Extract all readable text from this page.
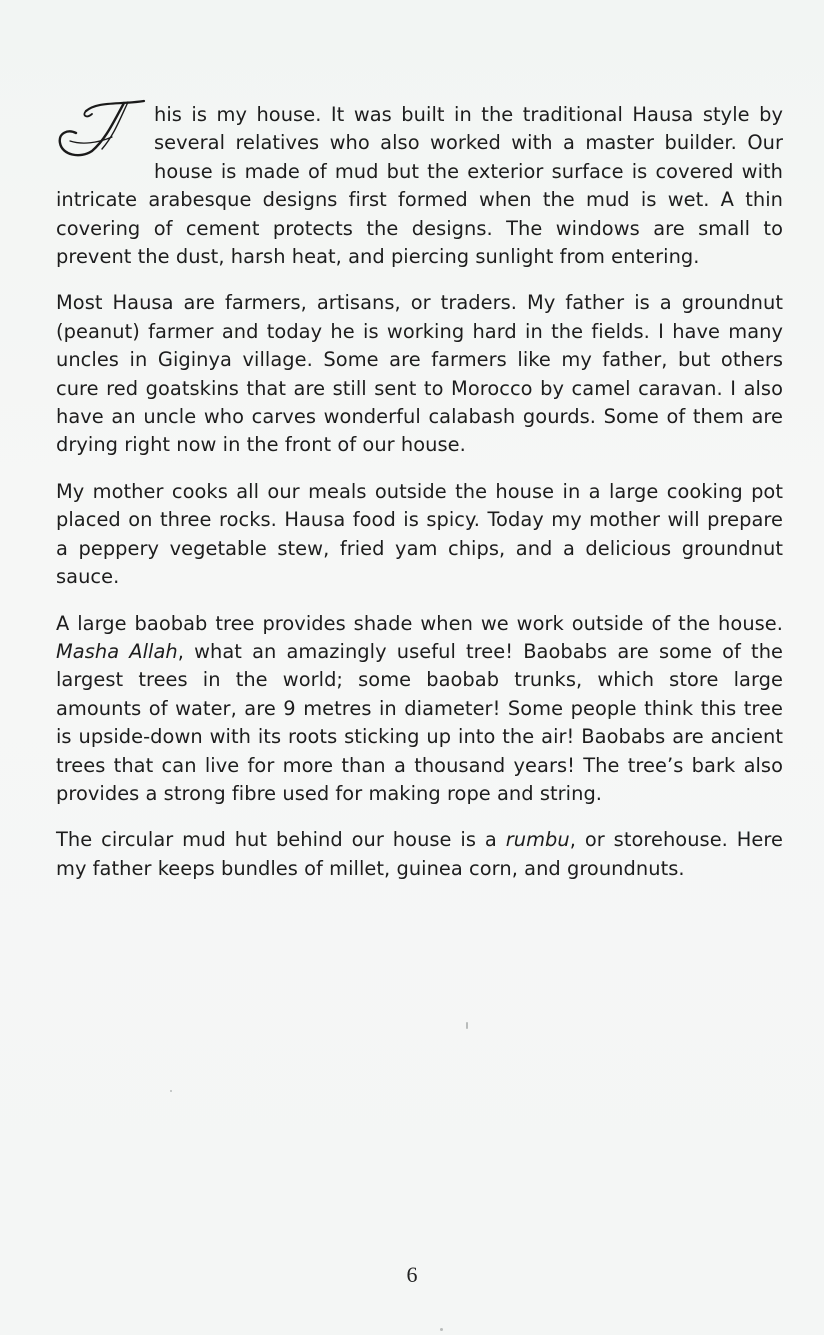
his is my house. It was built in the traditional Hausa style by several relatives who also worked with a master builder. Our house is made of mud but the exterior surface is covered with intricate arabesque designs first formed when the mud is wet. A thin covering of cement protects the designs. The windows are small to prevent the dust, harsh heat, and piercing sunlight from entering.

Most Hausa are farmers, artisans, or traders. My father is a groundnut (peanut) farmer and today he is working hard in the fields. I have many uncles in Giginya village. Some are farmers like my father, but others cure red goatskins that are still sent to Morocco by camel caravan. I also have an uncle who carves wonderful calabash gourds. Some of them are drying right now in the front of our house.

My mother cooks all our meals outside the house in a large cooking pot placed on three rocks. Hausa food is spicy. Today my mother will prepare a peppery vegetable stew, fried yam chips, and a delicious groundnut sauce.

A large baobab tree provides shade when we work outside of the house. Masha Allah, what an amazingly useful tree! Baobabs are some of the largest trees in the world; some baobab trunks, which store large amounts of water, are 9 metres in diameter! Some people think this tree is upside-down with its roots sticking up into the air! Baobabs are ancient trees that can live for more than a thousand years! The tree’s bark also provides a strong fibre used for making rope and string.

The circular mud hut behind our house is a rumbu, or storehouse. Here my father keeps bundles of millet, guinea corn, and groundnuts.

6
